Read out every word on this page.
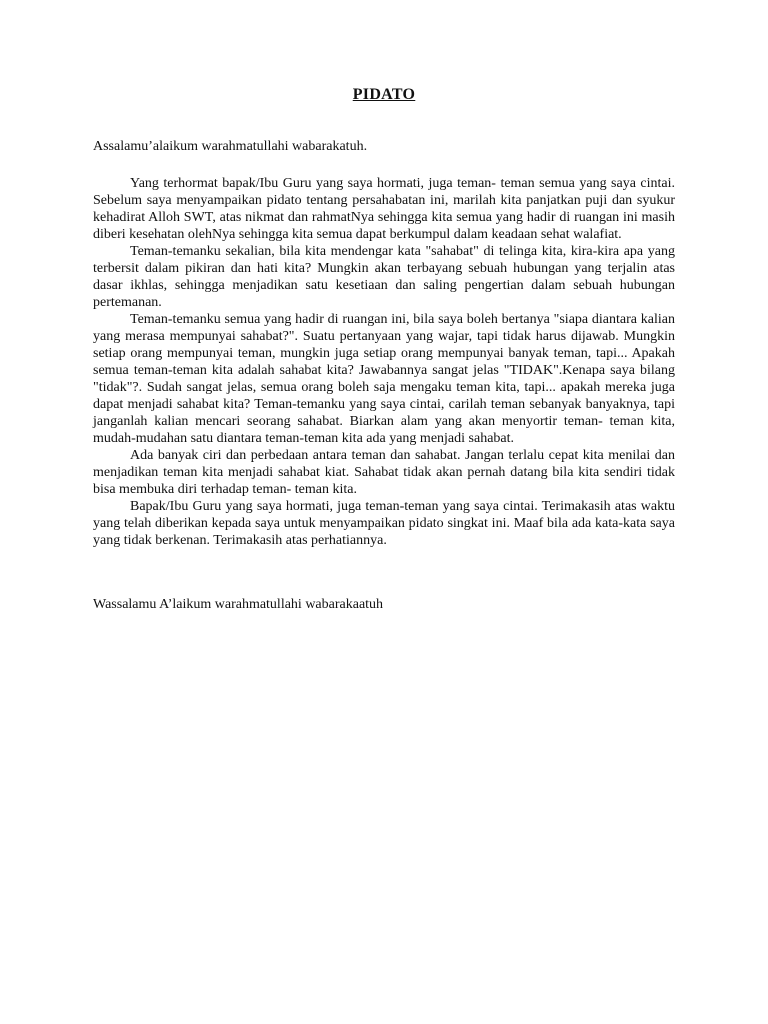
PIDATO
Assalamu’alaikum warahmatullahi wabarakatuh.

Yang terhormat bapak/Ibu Guru yang saya hormati, juga teman- teman semua yang saya cintai. Sebelum saya menyampaikan pidato tentang persahabatan ini, marilah kita panjatkan puji dan syukur kehadirat Alloh SWT, atas nikmat dan rahmatNya sehingga kita semua yang hadir di ruangan ini masih diberi kesehatan olehNya sehingga kita semua dapat berkumpul dalam keadaan sehat walafiat.

Teman-temanku sekalian, bila kita mendengar kata "sahabat" di telinga kita, kira-kira apa yang terbersit dalam pikiran dan hati kita? Mungkin akan terbayang sebuah hubungan yang terjalin atas dasar ikhlas, sehingga menjadikan satu kesetiaan dan saling pengertian dalam sebuah hubungan pertemanan.

Teman-temanku semua yang hadir di ruangan ini, bila saya boleh bertanya "siapa diantara kalian yang merasa mempunyai sahabat?". Suatu pertanyaan yang wajar, tapi tidak harus dijawab. Mungkin setiap orang mempunyai teman, mungkin juga setiap orang mempunyai banyak teman, tapi... Apakah semua teman-teman kita adalah sahabat kita? Jawabannya sangat jelas "TIDAK".Kenapa saya bilang "tidak"?. Sudah sangat jelas, semua orang boleh saja mengaku teman kita, tapi... apakah mereka juga dapat menjadi sahabat kita? Teman-temanku yang saya cintai, carilah teman sebanyak banyaknya, tapi janganlah kalian mencari seorang sahabat. Biarkan alam yang akan menyortir teman- teman kita, mudah-mudahan satu diantara teman-teman kita ada yang menjadi sahabat.

Ada banyak ciri dan perbedaan antara teman dan sahabat. Jangan terlalu cepat kita menilai dan menjadikan teman kita menjadi sahabat kiat. Sahabat tidak akan pernah datang bila kita sendiri tidak bisa membuka diri terhadap teman- teman kita.

Bapak/Ibu Guru yang saya hormati, juga teman-teman yang saya cintai. Terimakasih atas waktu yang telah diberikan kepada saya untuk menyampaikan pidato singkat ini. Maaf bila ada kata-kata saya yang tidak berkenan. Terimakasih atas perhatiannya.

Wassalamu A’laikum warahmatullahi wabarakaatuh
